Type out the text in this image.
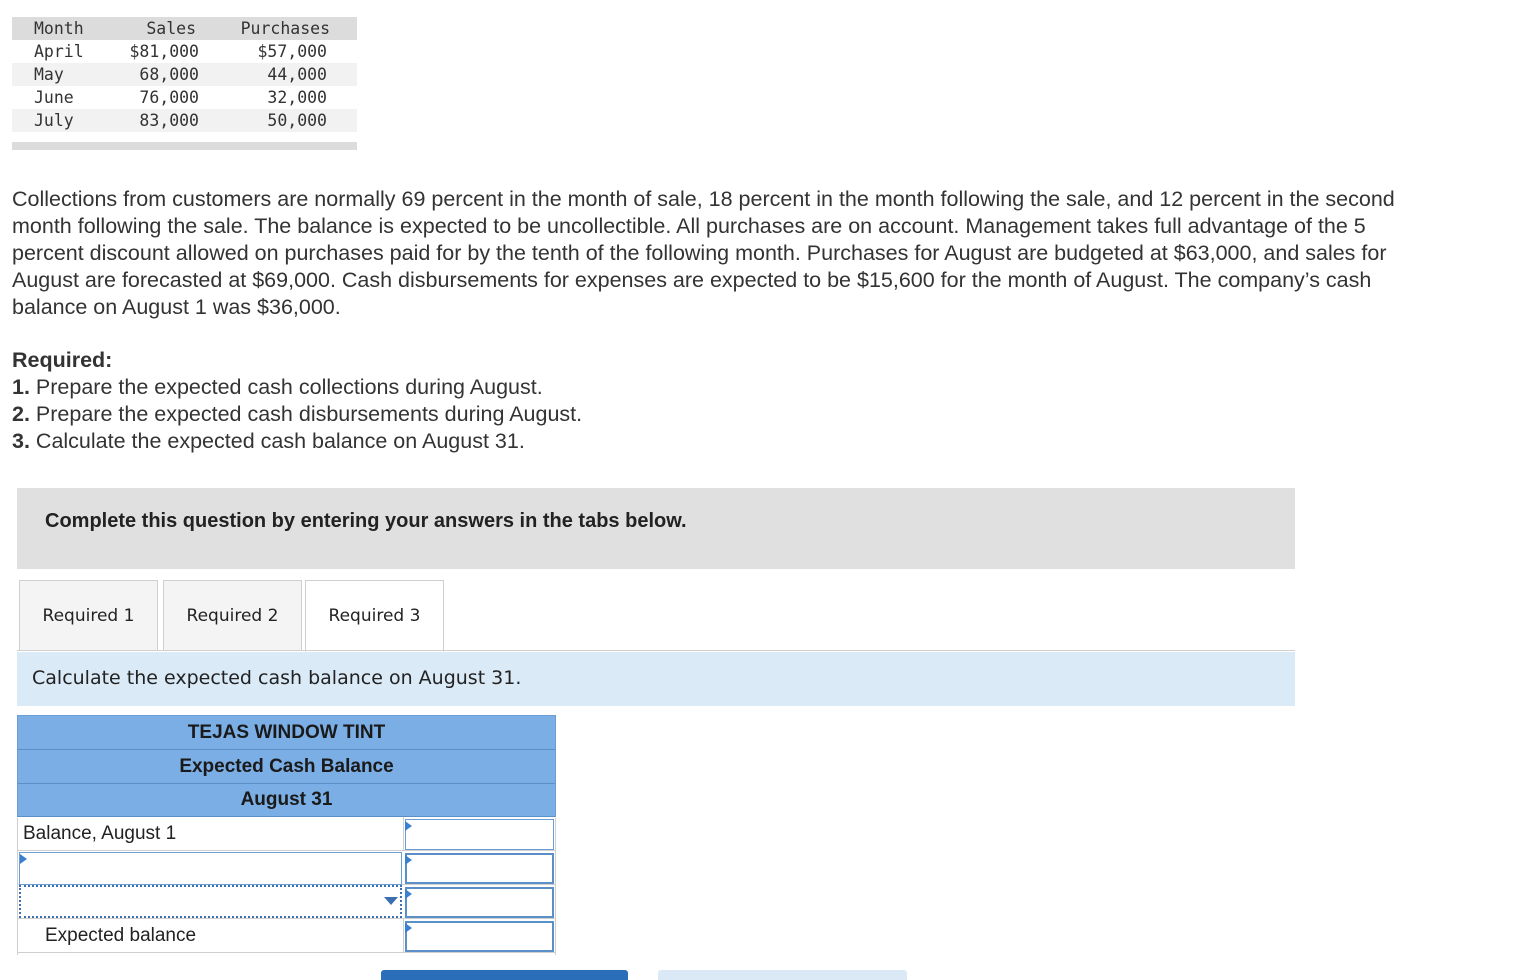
Month	Sales	Purchases
April	$81,000	$57,000
May	68,000	44,000
June	76,000	32,000
July	83,000	50,000
Collections from customers are normally 69 percent in the month of sale, 18 percent in the month following the sale, and 12 percent in the second month following the sale. The balance is expected to be uncollectible. All purchases are on account. Management takes full advantage of the 5 percent discount allowed on purchases paid for by the tenth of the following month. Purchases for August are budgeted at $63,000, and sales for August are forecasted at $69,000. Cash disbursements for expenses are expected to be $15,600 for the month of August. The company’s cash balance on August 1 was $36,000.
Required:
1. Prepare the expected cash collections during August.
2. Prepare the expected cash disbursements during August.
3. Calculate the expected cash balance on August 31.
Complete this question by entering your answers in the tabs below.
Required 1	Required 2	Required 3
Calculate the expected cash balance on August 31.
TEJAS WINDOW TINT
Expected Cash Balance
August 31
Balance, August 1
Expected balance
